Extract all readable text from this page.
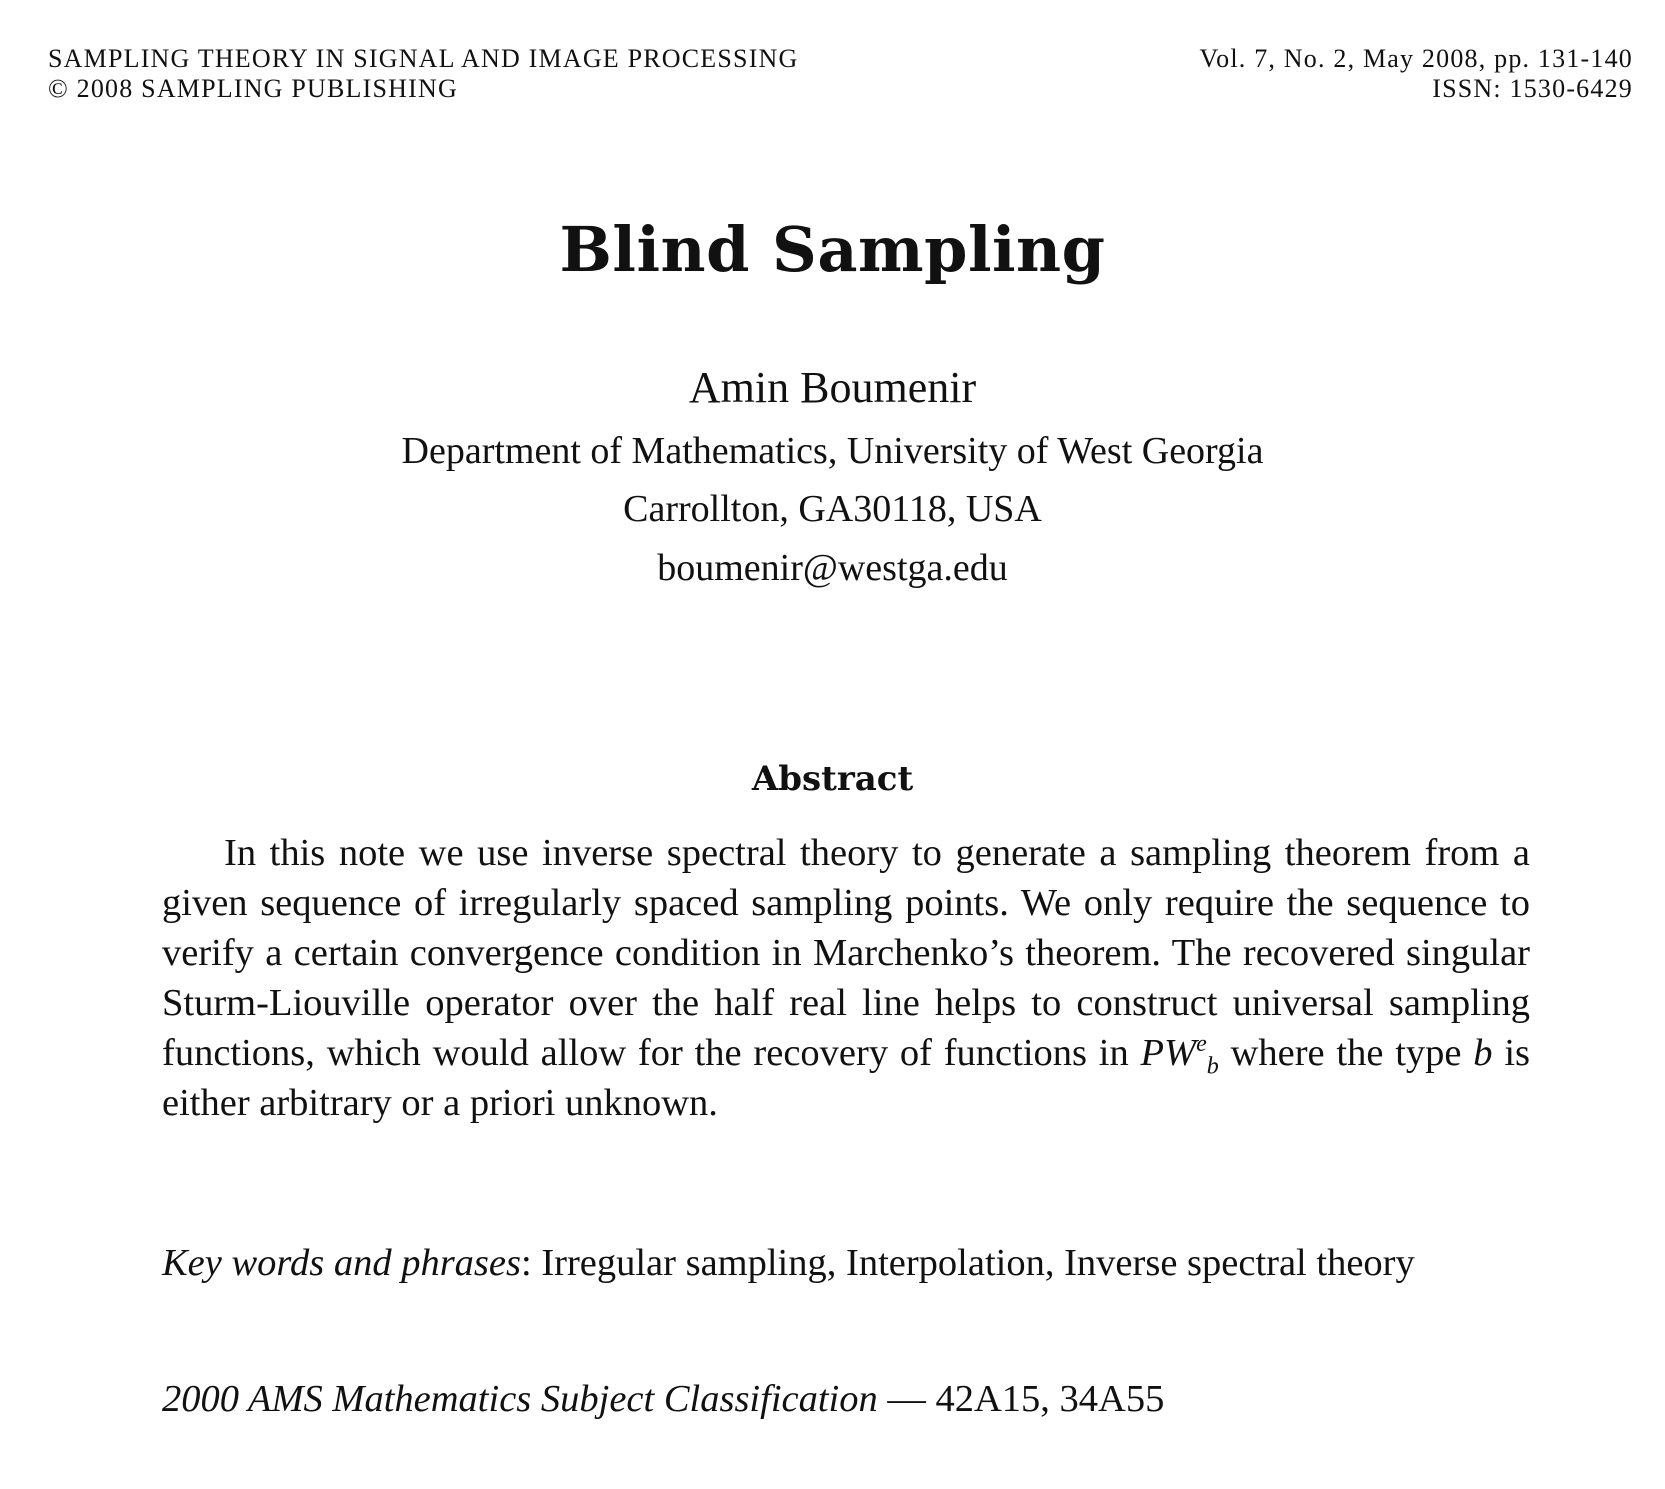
SAMPLING THEORY IN SIGNAL AND IMAGE PROCESSING
© 2008 SAMPLING PUBLISHING
Vol. 7, No. 2, May 2008, pp. 131-140
ISSN: 1530-6429
Blind Sampling
Amin Boumenir
Department of Mathematics, University of West Georgia
Carrollton, GA30118, USA
boumenir@westga.edu
Abstract

In this note we use inverse spectral theory to generate a sampling theorem from a given sequence of irregularly spaced sampling points. We only require the sequence to verify a certain convergence condition in Marchenko’s theorem. The recovered singular Sturm-Liouville operator over the half real line helps to construct universal sampling functions, which would allow for the recovery of functions in $PW^e_b$ where the type b is either arbitrary or a priori unknown.

Key words and phrases: Irregular sampling, Interpolation, Inverse spectral theory

2000 AMS Mathematics Subject Classification — 42A15, 34A55
